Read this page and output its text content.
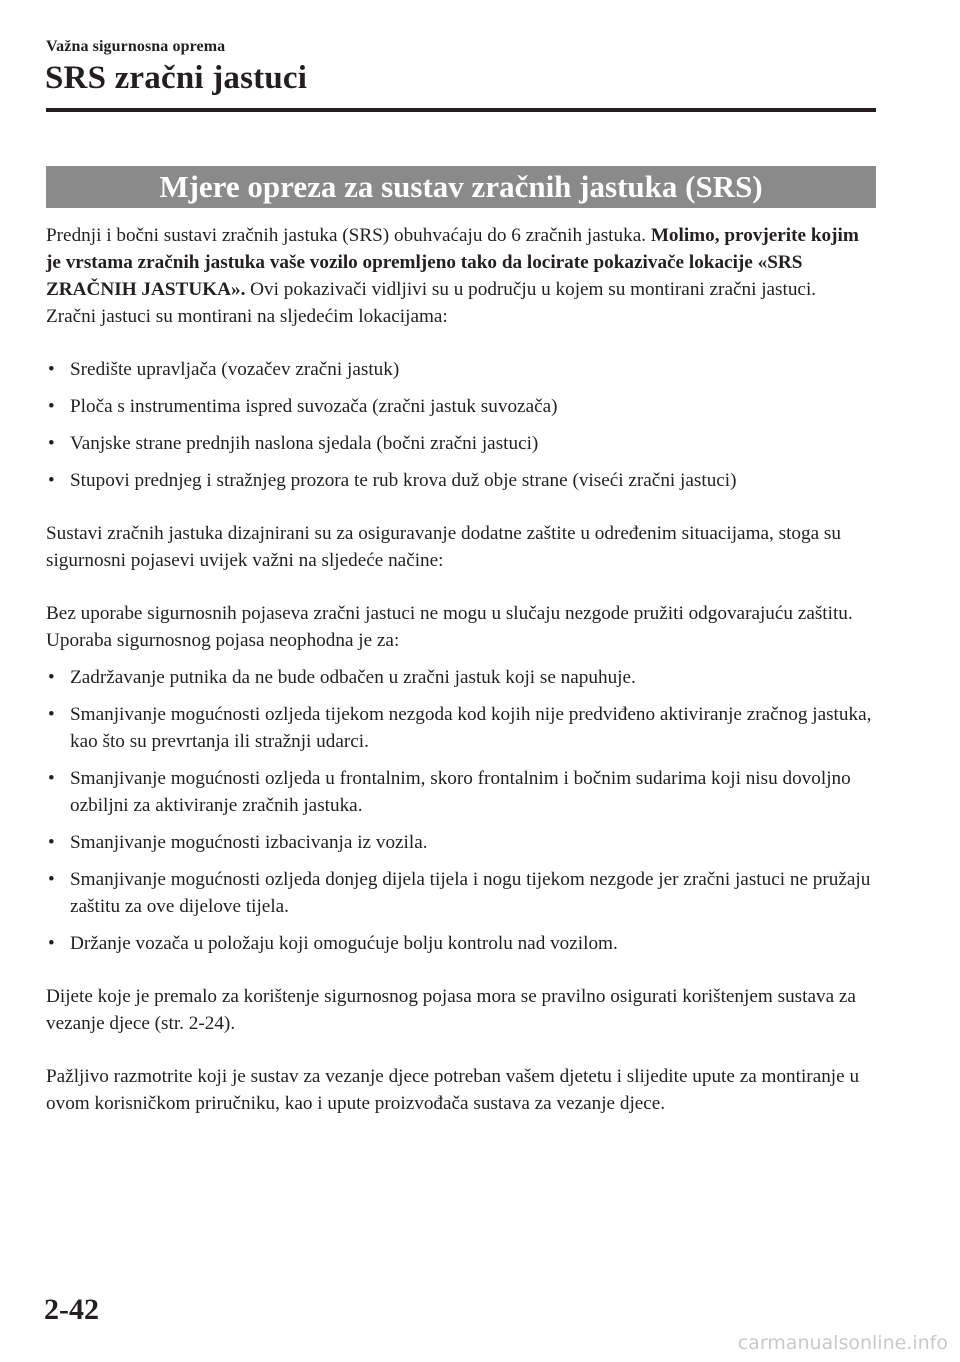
Važna sigurnosna oprema
SRS zračni jastuci
Mjere opreza za sustav zračnih jastuka (SRS)

Prednji i bočni sustavi zračnih jastuka (SRS) obuhvaćaju do 6 zračnih jastuka. Molimo, provjerite kojim je vrstama zračnih jastuka vaše vozilo opremljeno tako da locirate pokazivače lokacije «SRS ZRAČNIH JASTUKA». Ovi pokazivači vidljivi su u području u kojem su montirani zračni jastuci.

Zračni jastuci su montirani na sljedećim lokacijama:

• Središte upravljača (vozačev zračni jastuk)
• Ploča s instrumentima ispred suvozača (zračni jastuk suvozača)
• Vanjske strane prednjih naslona sjedala (bočni zračni jastuci)
• Stupovi prednjeg i stražnjeg prozora te rub krova duž obje strane (viseći zračni jastuci)

Sustavi zračnih jastuka dizajnirani su za osiguravanje dodatne zaštite u određenim situacijama, stoga su sigurnosni pojasevi uvijek važni na sljedeće načine:

Bez uporabe sigurnosnih pojaseva zračni jastuci ne mogu u slučaju nezgode pružiti odgovarajuću zaštitu. Uporaba sigurnosnog pojasa neophodna je za:

• Zadržavanje putnika da ne bude odbačen u zračni jastuk koji se napuhuje.
• Smanjivanje mogućnosti ozljeda tijekom nezgoda kod kojih nije predviđeno aktiviranje zračnog jastuka, kao što su prevrtanja ili stražnji udarci.
• Smanjivanje mogućnosti ozljeda u frontalnim, skoro frontalnim i bočnim sudarima koji nisu dovoljno ozbiljni za aktiviranje zračnih jastuka.
• Smanjivanje mogućnosti izbacivanja iz vozila.
• Smanjivanje mogućnosti ozljeda donjeg dijela tijela i nogu tijekom nezgode jer zračni jastuci ne pružaju zaštitu za ove dijelove tijela.
• Držanje vozača u položaju koji omogućuje bolju kontrolu nad vozilom.

Dijete koje je premalo za korištenje sigurnosnog pojasa mora se pravilno osigurati korištenjem sustava za vezanje djece (str. 2-24).

Pažljivo razmotrite koji je sustav za vezanje djece potreban vašem djetetu i slijedite upute za montiranje u ovom korisničkom priručniku, kao i upute proizvođača sustava za vezanje djece.

2-42
carmanualsonline.info
